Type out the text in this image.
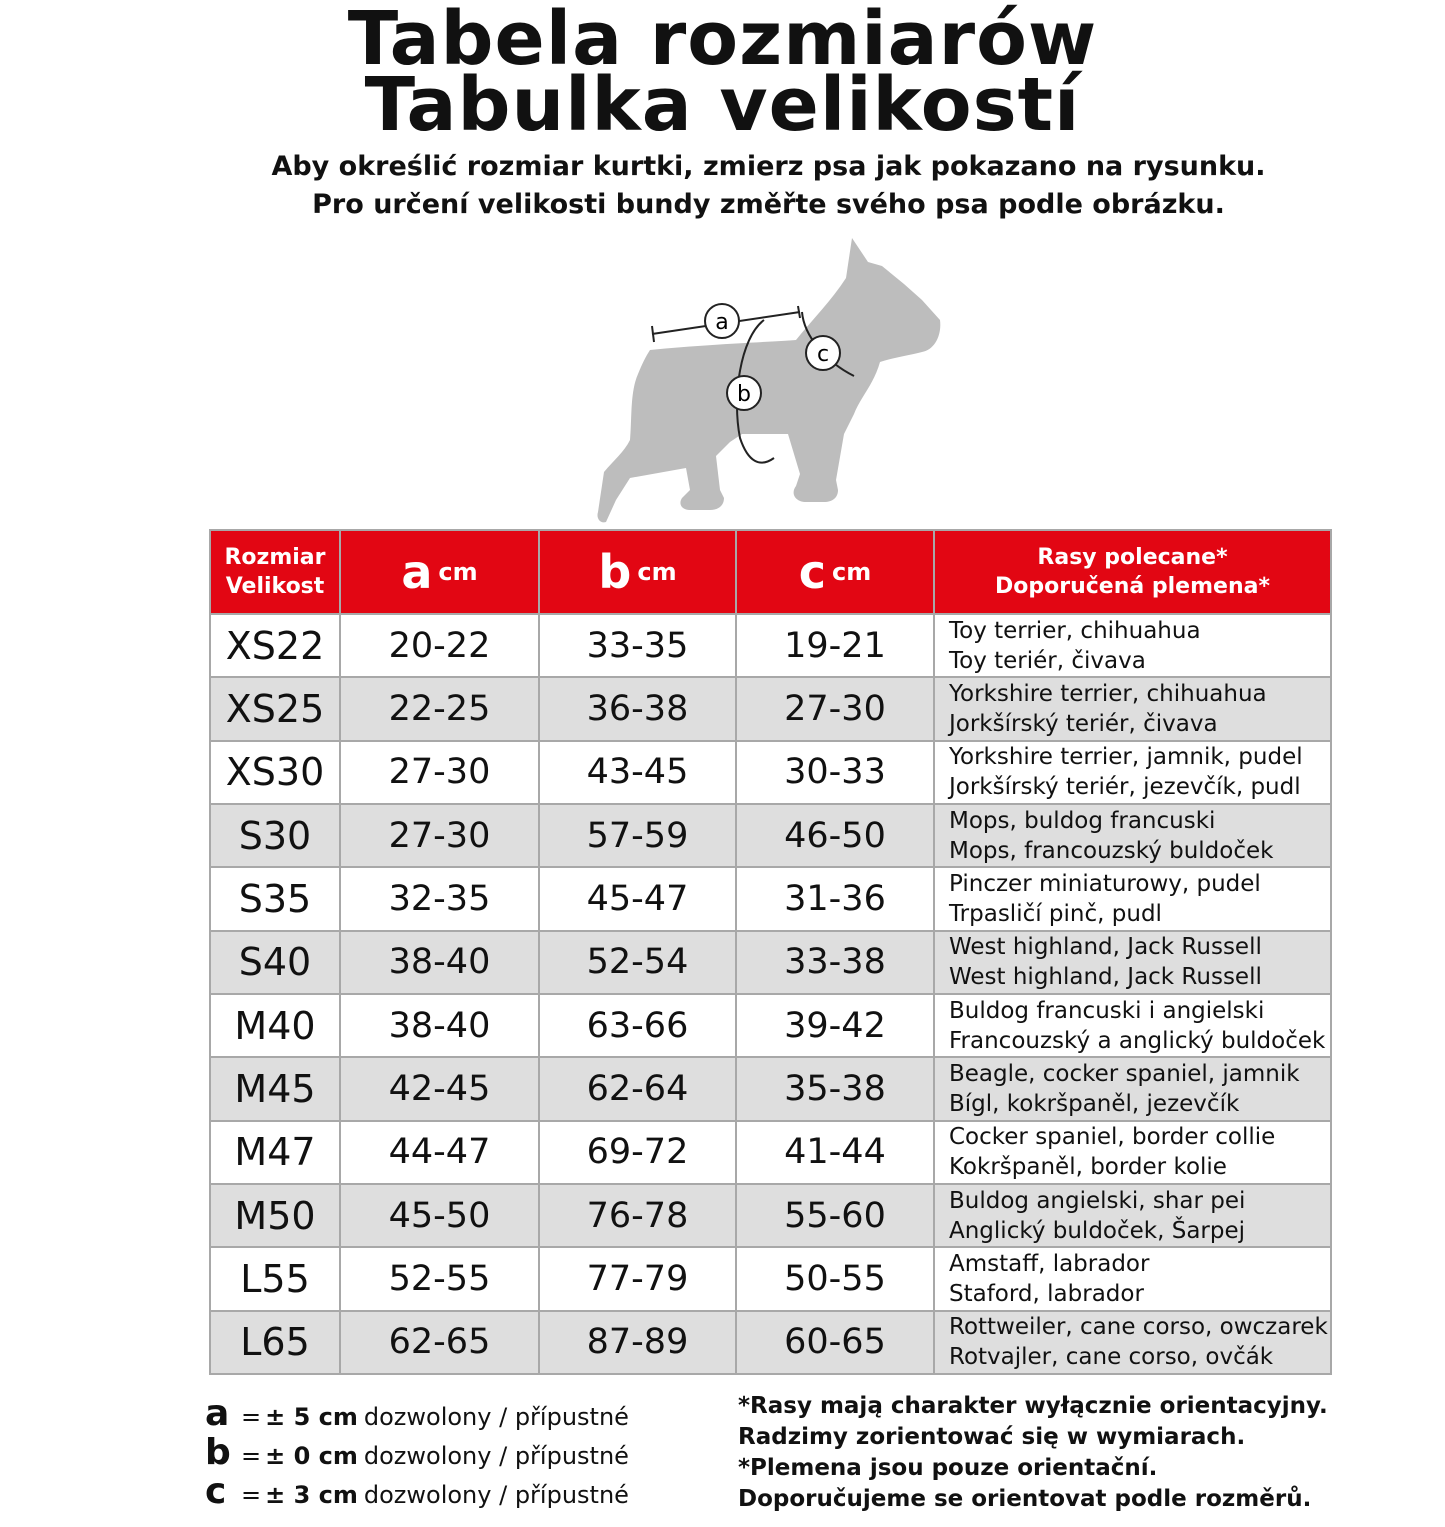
Tabela rozmiarów
Tabulka velikostí
Aby określić rozmiar kurtki, zmierz psa jak pokazano na rysunku.
Pro určení velikosti bundy změřte svého psa podle obrázku.
a
b
c
Rozmiar
Velikost	a cm	b cm	c cm	Rasy polecane*
Doporučená plemena*

XS22	20-22	33-35	19-21	Toy terrier, chihuahua
Toy teriér, čivava

XS25	22-25	36-38	27-30	Yorkshire terrier, chihuahua
Jorkšírský teriér, čivava

XS30	27-30	43-45	30-33	Yorkshire terrier, jamnik, pudel
Jorkšírský teriér, jezevčík, pudl

S30	27-30	57-59	46-50	Mops, buldog francuski
Mops, francouzský buldoček

S35	32-35	45-47	31-36	Pinczer miniaturowy, pudel
Trpasličí pinč, pudl

S40	38-40	52-54	33-38	West highland, Jack Russell
West highland, Jack Russell

M40	38-40	63-66	39-42	Buldog francuski i angielski
Francouzský a anglický buldoček

M45	42-45	62-64	35-38	Beagle, cocker spaniel, jamnik
Bígl, kokršpaněl, jezevčík

M47	44-47	69-72	41-44	Cocker spaniel, border collie
Kokršpaněl, border kolie

M50	45-50	76-78	55-60	Buldog angielski, shar pei
Anglický buldoček, Šarpej

L55	52-55	77-79	50-55	Amstaff, labrador
Staford, labrador

L65	62-65	87-89	60-65	Rottweiler, cane corso, owczarek
Rotvajler, cane corso, ovčák
a = ± 5 cm dozwolony / přípustné
b = ± 0 cm dozwolony / přípustné
c = ± 3 cm dozwolony / přípustné
*Rasy mają charakter wyłącznie orientacyjny.
Radzimy zorientować się w wymiarach.
*Plemena jsou pouze orientační.
Doporučujeme se orientovat podle rozměrů.
